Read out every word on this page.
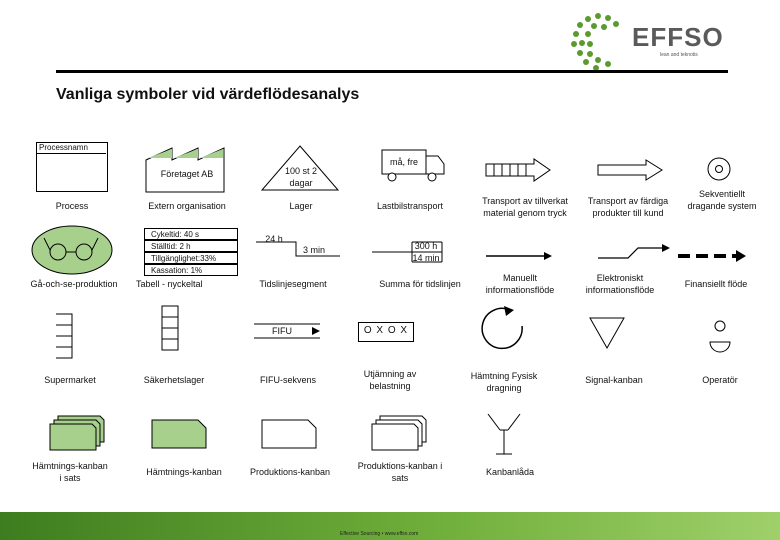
EFFSO
lean and teknotis
Vanliga symboler vid värdeflödesanalys
Processnamn
Process
Företaget AB
Extern organisation
100 st 2 dagar
Lager
må, fre
Lastbilstransport	Transport av tillverkat material genom tryck
Transport av färdiga produkter till kund
Sekventiellt dragande system
Gå-och-se-produktion
Cykeltid: 40 s
Ställtid: 2 h
Tillgänglighet:33%
Kassation: 1%
Tabell - nyckeltal
24 h
3 min
Tidslinjesegment
300 h
14 min
Summa för tidslinjen
Manuellt informationsflöde
Elektroniskt informationsflöde
Finansiellt flöde
Supermarket	Säkerhetslager
FIFU
FIFU-sekvens
O X O X
Utjämning av belastning
Hämtning Fysisk dragning
Signal-kanban	Operatör
Hämtnings-kanban i sats
Hämtnings-kanban	Produktions-kanban
Produktions-kanban i sats
Kanbanlåda
Effective Sourcing • www.effso.com
